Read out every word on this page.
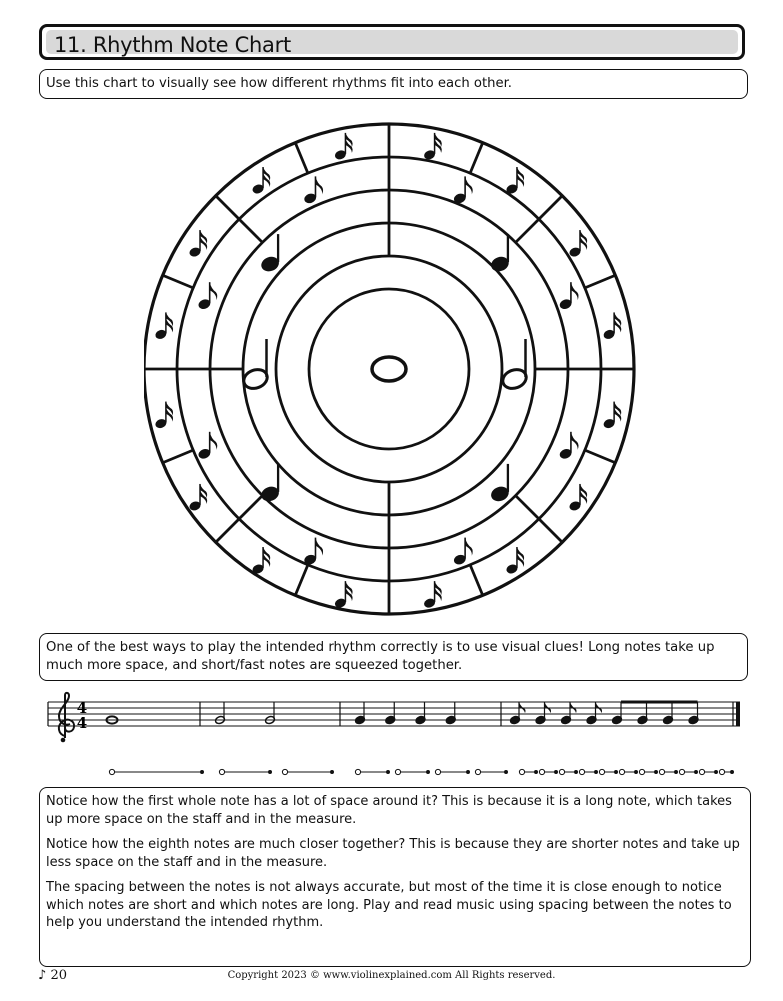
11. Rhythm Note Chart

Use this chart to visually see how different rhythms fit into each other.

One of the best ways to play the intended rhythm correctly is to use visual clues! Long notes take up much more space, and short/fast notes are squeezed together.

4
4

Notice how the first whole note has a lot of space around it? This is because it is a long note, which takes up more space on the staff and in the measure.

Notice how the eighth notes are much closer together? This is because they are shorter notes and take up less space on the staff and in the measure.

The spacing between the notes is not always accurate, but most of the time it is close enough to notice which notes are short and which notes are long. Play and read music using spacing between the notes to help you understand the intended rhythm.

♪ 20	Copyright 2023 © www.violinexplained.com All Rights reserved.
